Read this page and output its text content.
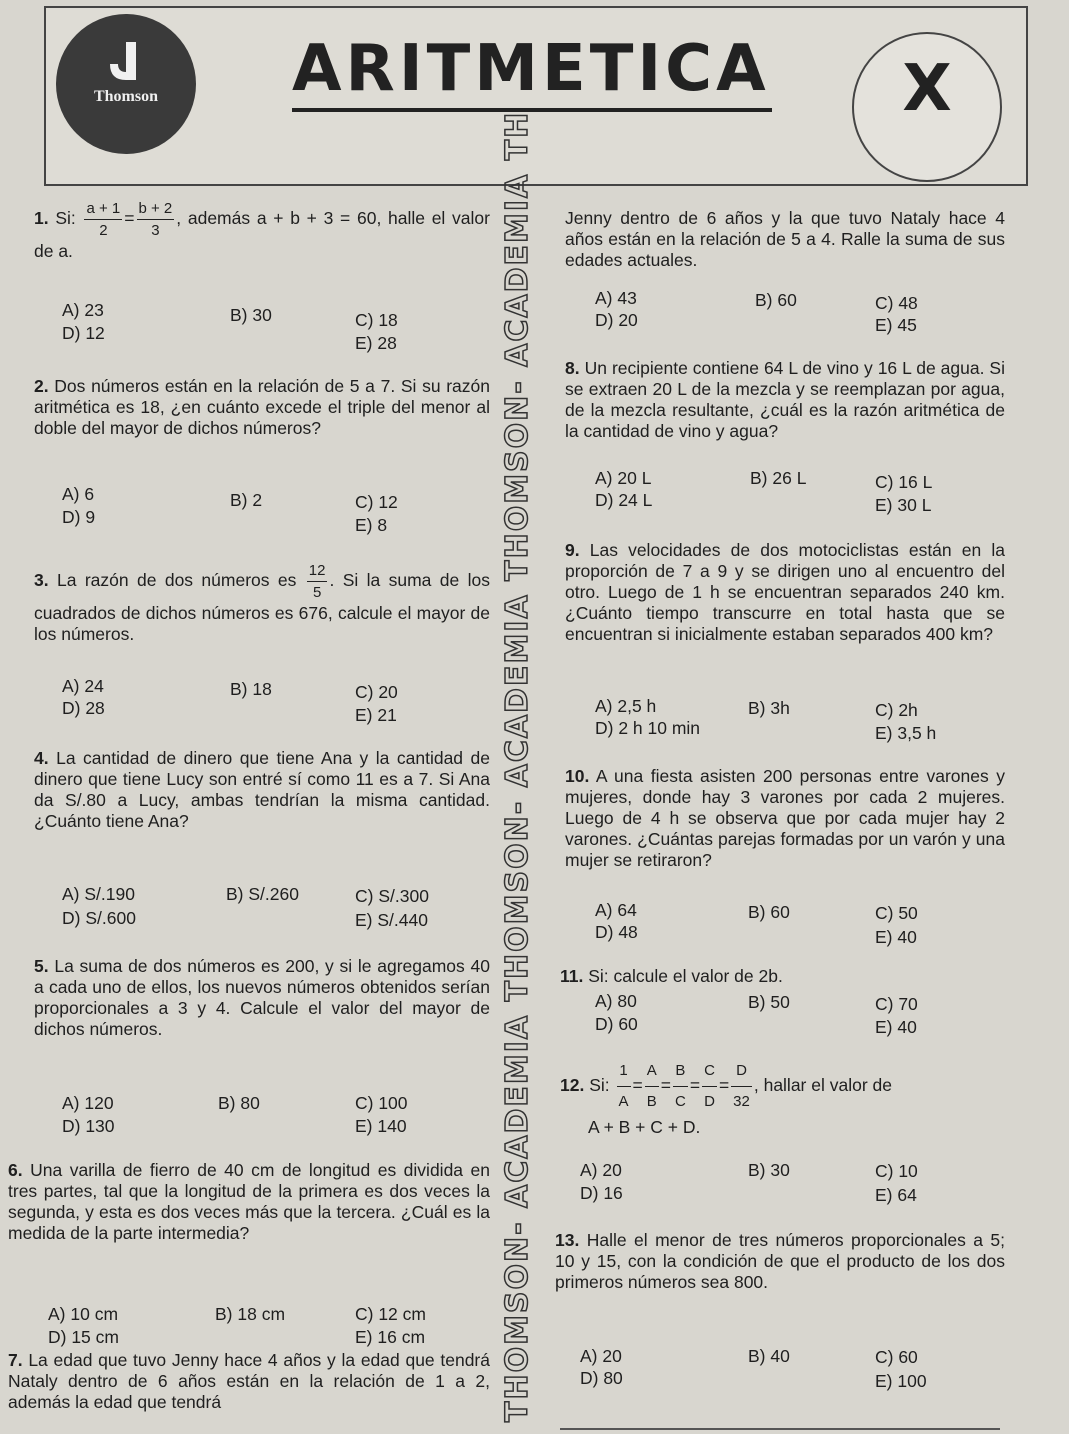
Thomson	ARITMETICA	X
THOMSON- ACADEMIA THOMSON- ACADEMIA THOMSON- ACADEMIA TH

1. Si: $\frac{a + 1}{2} = \frac{b + 2}{3}$ , además a + b + 3 = 60, halle el valor de a.

A) 23	B) 30	C) 18
D) 12	E) 28

2. Dos números están en la relación de 5 a 7. Si su razón aritmética es 18, ¿en cuánto excede el triple del menor al doble del mayor de dichos números?

A) 6	B) 2	C) 12
D) 9	E) 8

3. La razón de dos números es $\frac{12}{5}$ . Si la suma de los cuadrados de dichos números es 676, calcule el mayor de los números.

A) 24	B) 18	C) 20
D) 28	E) 21

4. La cantidad de dinero que tiene Ana y la cantidad de dinero que tiene Lucy son entré sí como 11 es a 7. Si Ana da S/.80 a Lucy, ambas tendrían la misma cantidad. ¿Cuánto tiene Ana?

A) S/.190	B) S/.260	C) S/.300
D) S/.600	E) S/.440

5. La suma de dos números es 200, y si le agregamos 40 a cada uno de ellos, los nuevos números obtenidos serían proporcionales a 3 y 4. Calcule el valor del mayor de dichos números.

A) 120	B) 80	C) 100
D) 130	E) 140

6. Una varilla de fierro de 40 cm de longitud es dividida en tres partes, tal que la longitud de la primera es dos veces la segunda, y esta es dos veces más que la tercera. ¿Cuál es la medida de la parte intermedia?

A) 10 cm	B) 18 cm	C) 12 cm
D) 15 cm	E) 16 cm

7. La edad que tuvo Jenny hace 4 años y la edad que tendrá Nataly dentro de 6 años están en la relación de 1 a 2, además la edad que tendrá

Jenny dentro de 6 años y la que tuvo Nataly hace 4 años están en la relación de 5 a 4. Ralle la suma de sus edades actuales.

A) 43	B) 60	C) 48
D) 20	E) 45

8. Un recipiente contiene 64 L de vino y 16 L de agua. Si se extraen 20 L de la mezcla y se reemplazan por agua, de la mezcla resultante, ¿cuál es la razón aritmética de la cantidad de vino y agua?

A) 20 L	B) 26 L	C) 16 L
D) 24 L	E) 30 L

9. Las velocidades de dos motociclistas están en la proporción de 7 a 9 y se dirigen uno al encuentro del otro. Luego de 1 h se encuentran separados 240 km. ¿Cuánto tiempo transcurre en total hasta que se encuentran si inicialmente estaban separados 400 km?

A) 2,5 h	B) 3h	C) 2h
D) 2 h 10 min	E) 3,5 h

10. A una fiesta asisten 200 personas entre varones y mujeres, donde hay 3 varones por cada 2 mujeres. Luego de 4 h se observa que por cada mujer hay 2 varones. ¿Cuántas parejas formadas por un varón y una mujer se retiraron?

A) 64	B) 60	C) 50
D) 48	E) 40

11. Si: calcule el valor de 2b.

A) 80	B) 50	C) 70
D) 60	E) 40

12. Si: $\frac{1}{A} = \frac{A}{B} = \frac{B}{C} = \frac{C}{D} = \frac{D}{32}$ , hallar el valor de

A + B + C + D.

A) 20	B) 30	C) 10
D) 16	E) 64

13. Halle el menor de tres números proporcionales a 5; 10 y 15, con la condición de que el producto de los dos primeros números sea 800.

A) 20	B) 40	C) 60
D) 80	E) 100
